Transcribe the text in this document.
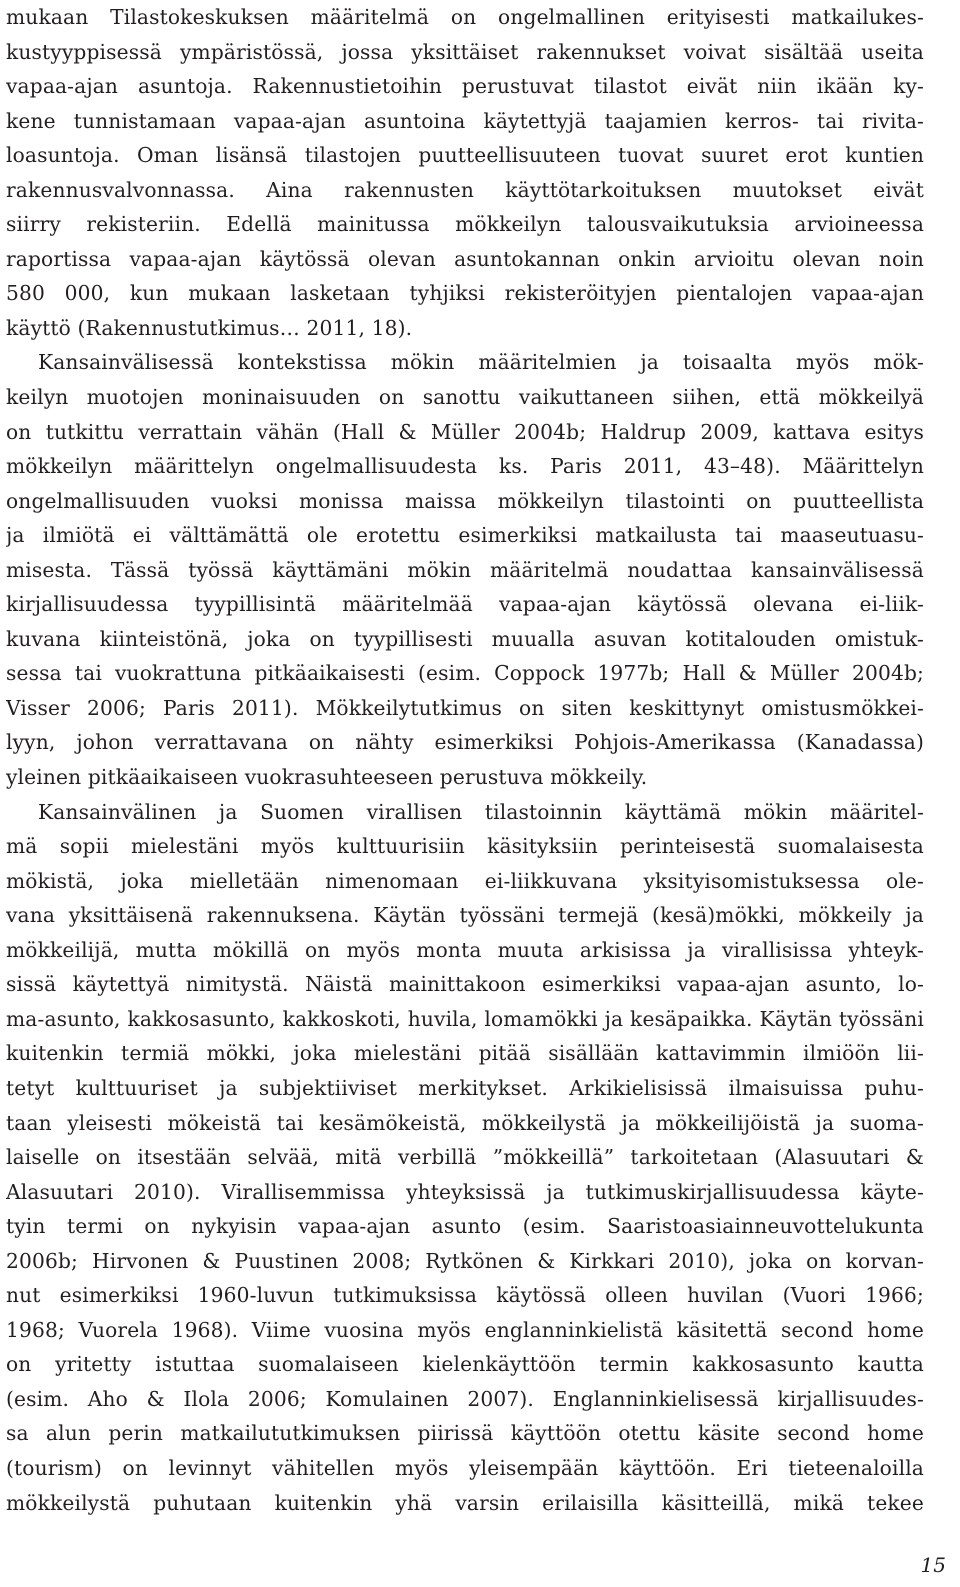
mukaan Tilastokeskuksen määritelmä on ongelmallinen erityisesti matkailukes-
kustyyppisessä ympäristössä, jossa yksittäiset rakennukset voivat sisältää useita
vapaa-ajan asuntoja. Rakennustietoihin perustuvat tilastot eivät niin ikään ky-
kene tunnistamaan vapaa-ajan asuntoina käytettyjä taajamien kerros- tai rivita-
loasuntoja. Oman lisänsä tilastojen puutteellisuuteen tuovat suuret erot kuntien
rakennusvalvonnassa. Aina rakennusten käyttötarkoituksen muutokset eivät
siirry rekisteriin. Edellä mainitussa mökkeilyn talousvaikutuksia arvioineessa
raportissa vapaa-ajan käytössä olevan asuntokannan onkin arvioitu olevan noin
580 000, kun mukaan lasketaan tyhjiksi rekisteröityjen pientalojen vapaa-ajan
käyttö (Rakennustutkimus… 2011, 18).
Kansainvälisessä kontekstissa mökin määritelmien ja toisaalta myös mök-
keilyn muotojen moninaisuuden on sanottu vaikuttaneen siihen, että mökkeilyä
on tutkittu verrattain vähän (Hall & Müller 2004b; Haldrup 2009, kattava esitys
mökkeilyn määrittelyn ongelmallisuudesta ks. Paris 2011, 43–48). Määrittelyn
ongelmallisuuden vuoksi monissa maissa mökkeilyn tilastointi on puutteellista
ja ilmiötä ei välttämättä ole erotettu esimerkiksi matkailusta tai maaseutuasu-
misesta. Tässä työssä käyttämäni mökin määritelmä noudattaa kansainvälisessä
kirjallisuudessa tyypillisintä määritelmää vapaa-ajan käytössä olevana ei-liik-
kuvana kiinteistönä, joka on tyypillisesti muualla asuvan kotitalouden omistuk-
sessa tai vuokrattuna pitkäaikaisesti (esim. Coppock 1977b; Hall & Müller 2004b;
Visser 2006; Paris 2011). Mökkeilytutkimus on siten keskittynyt omistusmökkei-
lyyn, johon verrattavana on nähty esimerkiksi Pohjois-Amerikassa (Kanadassa)
yleinen pitkäaikaiseen vuokrasuhteeseen perustuva mökkeily.
Kansainvälinen ja Suomen virallisen tilastoinnin käyttämä mökin määritel-
mä sopii mielestäni myös kulttuurisiin käsityksiin perinteisestä suomalaisesta
mökistä, joka mielletään nimenomaan ei-liikkuvana yksityisomistuksessa ole-
vana yksittäisenä rakennuksena. Käytän työssäni termejä (kesä)mökki, mökkeily ja
mökkeilijä, mutta mökillä on myös monta muuta arkisissa ja virallisissa yhteyk-
sissä käytettyä nimitystä. Näistä mainittakoon esimerkiksi vapaa-ajan asunto, lo-
ma-asunto, kakkosasunto, kakkoskoti, huvila, lomamökki ja kesäpaikka. Käytän työssäni
kuitenkin termiä mökki, joka mielestäni pitää sisällään kattavimmin ilmiöön lii-
tetyt kulttuuriset ja subjektiiviset merkitykset. Arkikielisissä ilmaisuissa puhu-
taan yleisesti mökeistä tai kesämökeistä, mökkeilystä ja mökkeilijöistä ja suoma-
laiselle on itsestään selvää, mitä verbillä ”mökkeillä” tarkoitetaan (Alasuutari &
Alasuutari 2010). Virallisemmissa yhteyksissä ja tutkimuskirjallisuudessa käyte-
tyin termi on nykyisin vapaa-ajan asunto (esim. Saaristoasiainneuvottelukunta
2006b; Hirvonen & Puustinen 2008; Rytkönen & Kirkkari 2010), joka on korvan-
nut esimerkiksi 1960-luvun tutkimuksissa käytössä olleen huvilan (Vuori 1966;
1968; Vuorela 1968). Viime vuosina myös englanninkielistä käsitettä second home
on yritetty istuttaa suomalaiseen kielenkäyttöön termin kakkosasunto kautta
(esim. Aho & Ilola 2006; Komulainen 2007). Englanninkielisessä kirjallisuudes-
sa alun perin matkailututkimuksen piirissä käyttöön otettu käsite second home
(tourism) on levinnyt vähitellen myös yleisempään käyttöön. Eri tieteenaloilla
mökkeilystä puhutaan kuitenkin yhä varsin erilaisilla käsitteillä, mikä tekee
15
